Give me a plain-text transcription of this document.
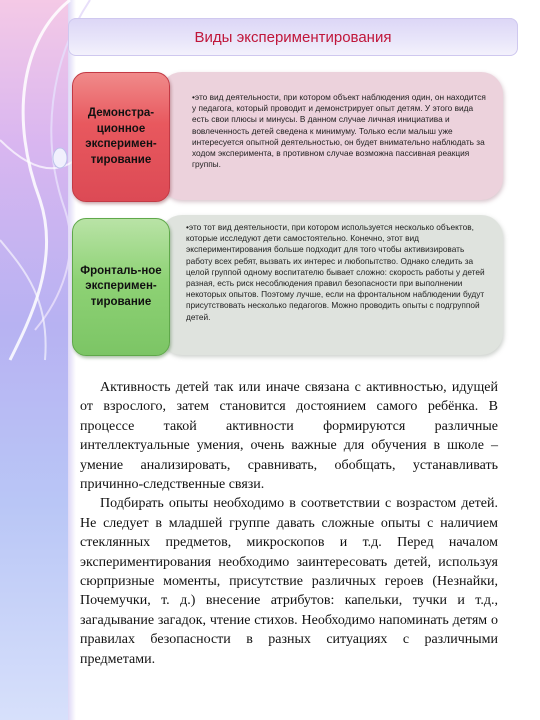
Виды экспериментирования
•это вид деятельности, при котором объект наблюдения один, он находится у педагога, который проводит и демонстрирует опыт детям. У этого вида есть свои плюсы и минусы. В данном случае личная инициатива и вовлеченность детей сведена к минимуму. Только если малыш уже интересуется опытной деятельностью, он будет внимательно наблюдать за ходом эксперимента, в противном случае возможна пассивная реакция группы.
Демонстра-ционное эксперимен-тирование
•это тот вид деятельности, при котором используется несколько объектов, которые исследуют дети самостоятельно. Конечно, этот вид экспериментирования больше подходит для того чтобы активизировать работу всех ребят, вызвать их интерес и любопытство. Однако следить за целой группой одному воспитателю бывает сложно: скорость работы у детей разная, есть риск несоблюдения правил безопасности при выполнении некоторых опытов. Поэтому лучше, если на фронтальном наблюдении будут присутствовать несколько педагогов. Можно проводить опыты с подгруппой детей.
Фронталь-ное эксперимен-тирование

Активность детей так или иначе связана с активностью, идущей от взрослого, затем становится достоянием самого ребёнка. В процессе такой активности формируются различные интеллектуальные умения, очень важные для обучения в школе – умение анализировать, сравнивать, обобщать, устанавливать причинно-следственные связи.

Подбирать опыты необходимо в соответствии с возрастом детей. Не следует в младшей группе давать сложные опыты с наличием стеклянных предметов, микроскопов и т.д. Перед началом экспериментирования необходимо заинтересовать детей, используя сюрпризные моменты, присутствие различных героев (Незнайки, Почемучки, т. д.) внесение атрибутов: капельки, тучки и т.д., загадывание загадок, чтение стихов. Необходимо напоминать детям о правилах безопасности в разных ситуациях с различными предметами.
